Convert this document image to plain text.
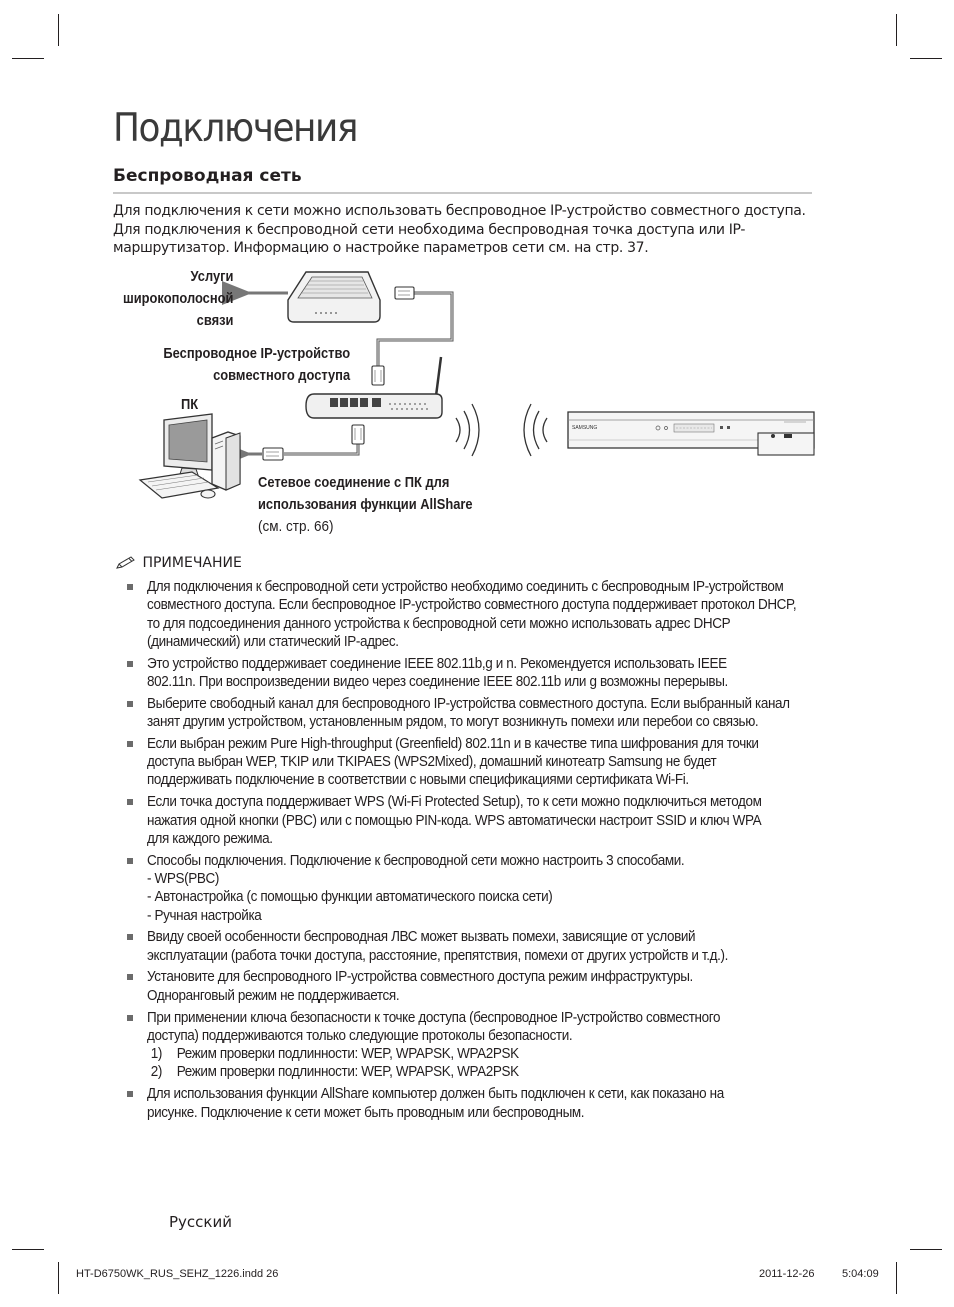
Подключения
Беспроводная сеть

Для подключения к сети можно использовать беспроводное IP-устройство совместного доступа.
Для подключения к беспроводной сети необходима беспроводная точка доступа или IP-
маршрутизатор. Информацию о настройке параметров сети см. на стр. 37.

SAMSUNG
Услуги
широкополосной
связи
Беспроводное IP-устройство
совместного доступа
ПК
Сетевое соединение с ПК для
использования функции AllShare
(см. стр. 66)
ПРИМЕЧАНИЕ
Для подключения к беспроводной сети устройство необходимо соединить с беспроводным IP-устройством
совместного доступа. Если беспроводное IP-устройство совместного доступа поддерживает протокол DHCP,
то для подсоединения данного устройства к беспроводной сети можно использовать адрес DHCP
(динамический) или статический IP-адрес.
Это устройство поддерживает соединение IEEE 802.11b,g и n. Рекомендуется использовать IEEE
802.11n. При воспроизведении видео через соединение IEEE 802.11b или g возможны перерывы.
Выберите свободный канал для беспроводного IP-устройства совместного доступа. Если выбранный канал
занят другим устройством, установленным рядом, то могут возникнуть помехи или перебои со связью.
Если выбран режим Pure High-throughput (Greenfield) 802.11n и в качестве типа шифрования для точки
доступа выбран WEP, TKIP или TKIPAES (WPS2Mixed), домашний кинотеатр Samsung не будет
поддерживать подключение в соответствии с новыми спецификациями сертификата Wi-Fi.
Если точка доступа поддерживает WPS (Wi-Fi Protected Setup), то к сети можно подключиться методом
нажатия одной кнопки (PBC) или с помощью PIN-кода. WPS автоматически настроит SSID и ключ WPA
для каждого режима.
Способы подключения. Подключение к беспроводной сети можно настроить 3 способами.
- WPS(PBC)
- Автонастройка (с помощью функции автоматического поиска сети)
- Ручная настройка
Ввиду своей особенности беспроводная ЛВС может вызвать помехи, зависящие от условий
эксплуатации (работа точки доступа, расстояние, препятствия, помехи от других устройств и т.д.).
Установите для беспроводного IP-устройства совместного доступа режим инфраструктуры.
Одноранговый режим не поддерживается.
При применении ключа безопасности к точке доступа (беспроводное IP-устройство совместного
доступа) поддерживаются только следующие протоколы безопасности.
1) Режим проверки подлинности: WEP, WPAPSK, WPA2PSK
2) Режим проверки подлинности: WEP, WPAPSK, WPA2PSK
Для использования функции AllShare компьютер должен быть подключен к сети, как показано на
рисунке. Подключение к сети может быть проводным или беспроводным.
Русский
HT-D6750WK_RUS_SEHZ_1226.indd 26	2011-12-26	5:04:09
